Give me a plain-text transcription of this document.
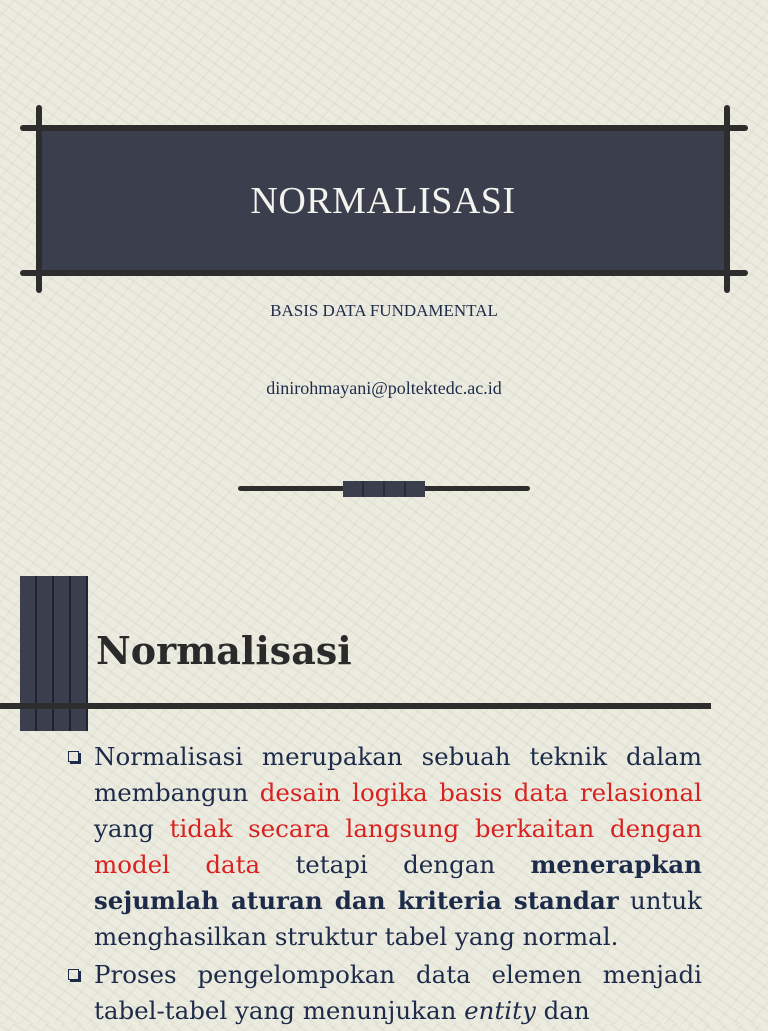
NORMALISASI
BASIS DATA FUNDAMENTAL
dinirohmayani@poltektedc.ac.id
Normalisasi
Normalisasi merupakan sebuah teknik dalam membangun desain logika basis data relasional yang tidak secara langsung berkaitan dengan model data tetapi dengan menerapkan sejumlah aturan dan kriteria standar untuk menghasilkan struktur tabel yang normal.
Proses pengelompokan data elemen menjadi tabel-tabel yang menunjukan entity dan
